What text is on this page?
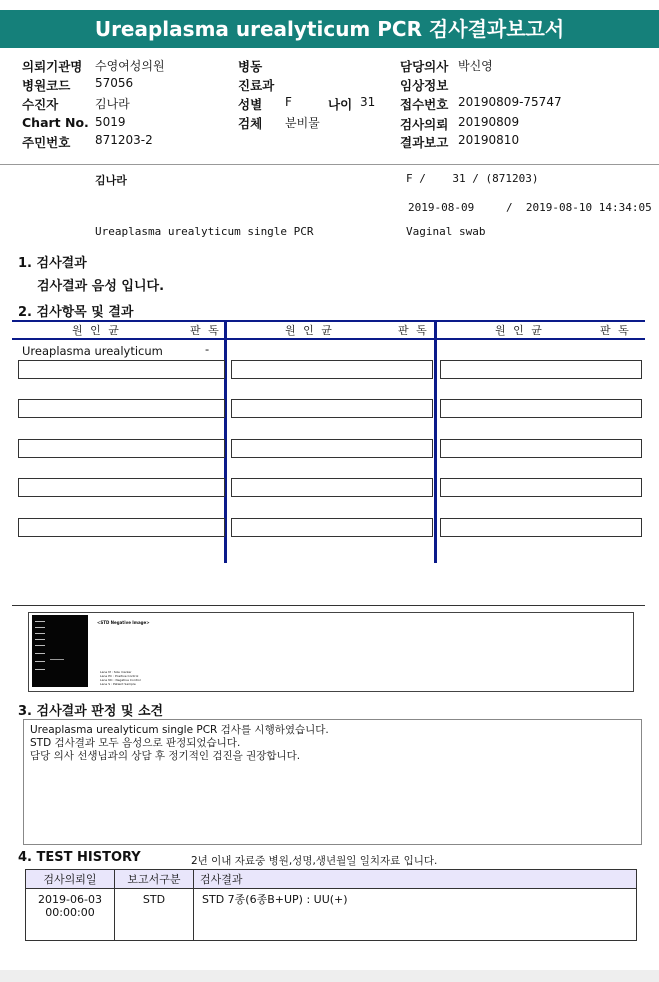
Ureaplasma urealyticum PCR 검사결과보고서
의뢰기관명 수영여성의원
병원코드 57056
수진자	김나라
Chart No. 5019
주민번호 871203-2
병동
진료과
성별 F	나이 31
검체 분비물
담당의사 박신영
임상정보
접수번호 20190809-75747
검사의뢰 20190809
결과보고 20190810
김나라	F /    31 / (871203)
2019-08-09	/  2019-08-10 14:34:05
Ureaplasma urealyticum single PCR	Vaginal swab
1. 검사결과
검사결과 음성 입니다.
2. 검사항목 및 결과
원 인 균	판 독	원 인 균	판 독	원 인 균	판 독
Ureaplasma urealyticum	-
<STD Negative Image>
Lane M : Size marker
Lane PC : Positive Control
Lane NC : Negative Control
Lane S : Patient Sample
3. 검사결과 판정 및 소견
Ureaplasma urealyticum single PCR 검사를 시행하였습니다.
STD 검사결과 모두 음성으로 판정되었습니다.
담당 의사 선생님과의 상담 후 정기적인 검진을 권장합니다.
4. TEST HISTORY	2년 이내 자료중 병원,성명,생년월일 일치자료 입니다.
검사의뢰일	보고서구분	검사결과

2019-06-03
00:00:00	STD	STD 7종(6종B+UP) : UU(+)
